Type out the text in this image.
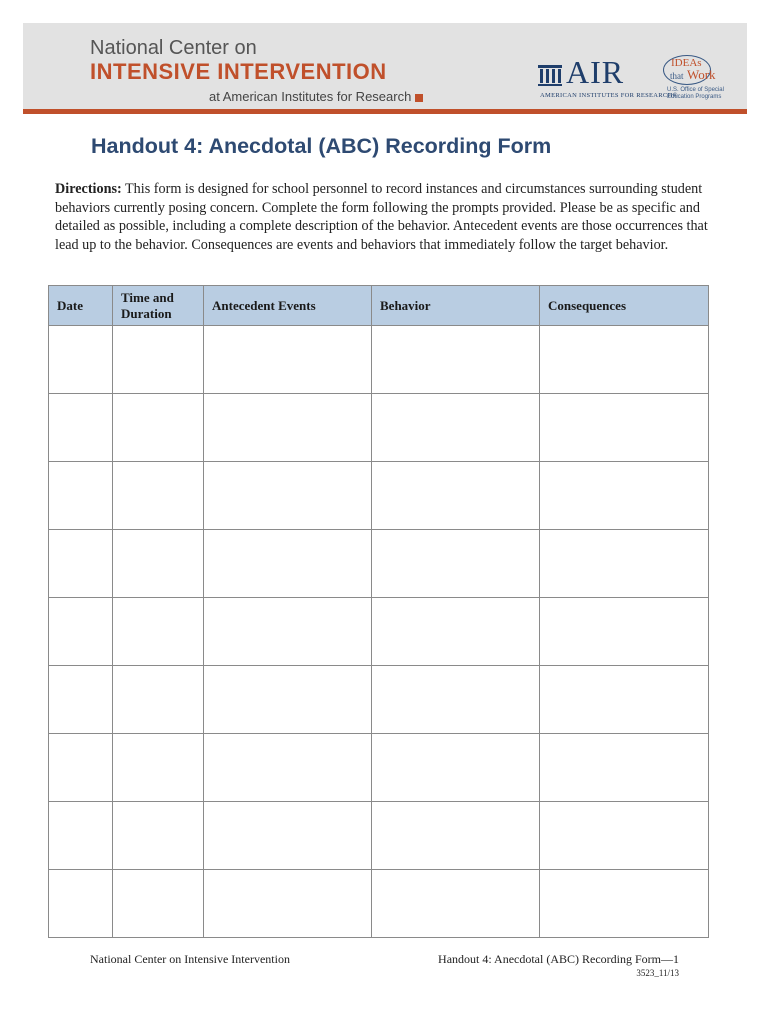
National Center on
INTENSIVE INTERVENTION
at American Institutes for Research
AIR
AMERICAN INSTITUTES FOR RESEARCH®
IDEAs
that Work
U.S. Office of Special
Education Programs
Handout 4: Anecdotal (ABC) Recording Form

Directions: This form is designed for school personnel to record instances and circumstances surrounding student behaviors currently posing concern. Complete the form following the prompts provided. Please be as specific and detailed as possible, including a complete description of the behavior. Antecedent events are those occurrences that lead up to the behavior. Consequences are events and behaviors that immediately follow the target behavior.

Date	Time and Duration	Antecedent Events	Behavior	Consequences

National Center on Intensive Intervention	Handout 4: Anecdotal (ABC) Recording Form—1
3523_11/13
